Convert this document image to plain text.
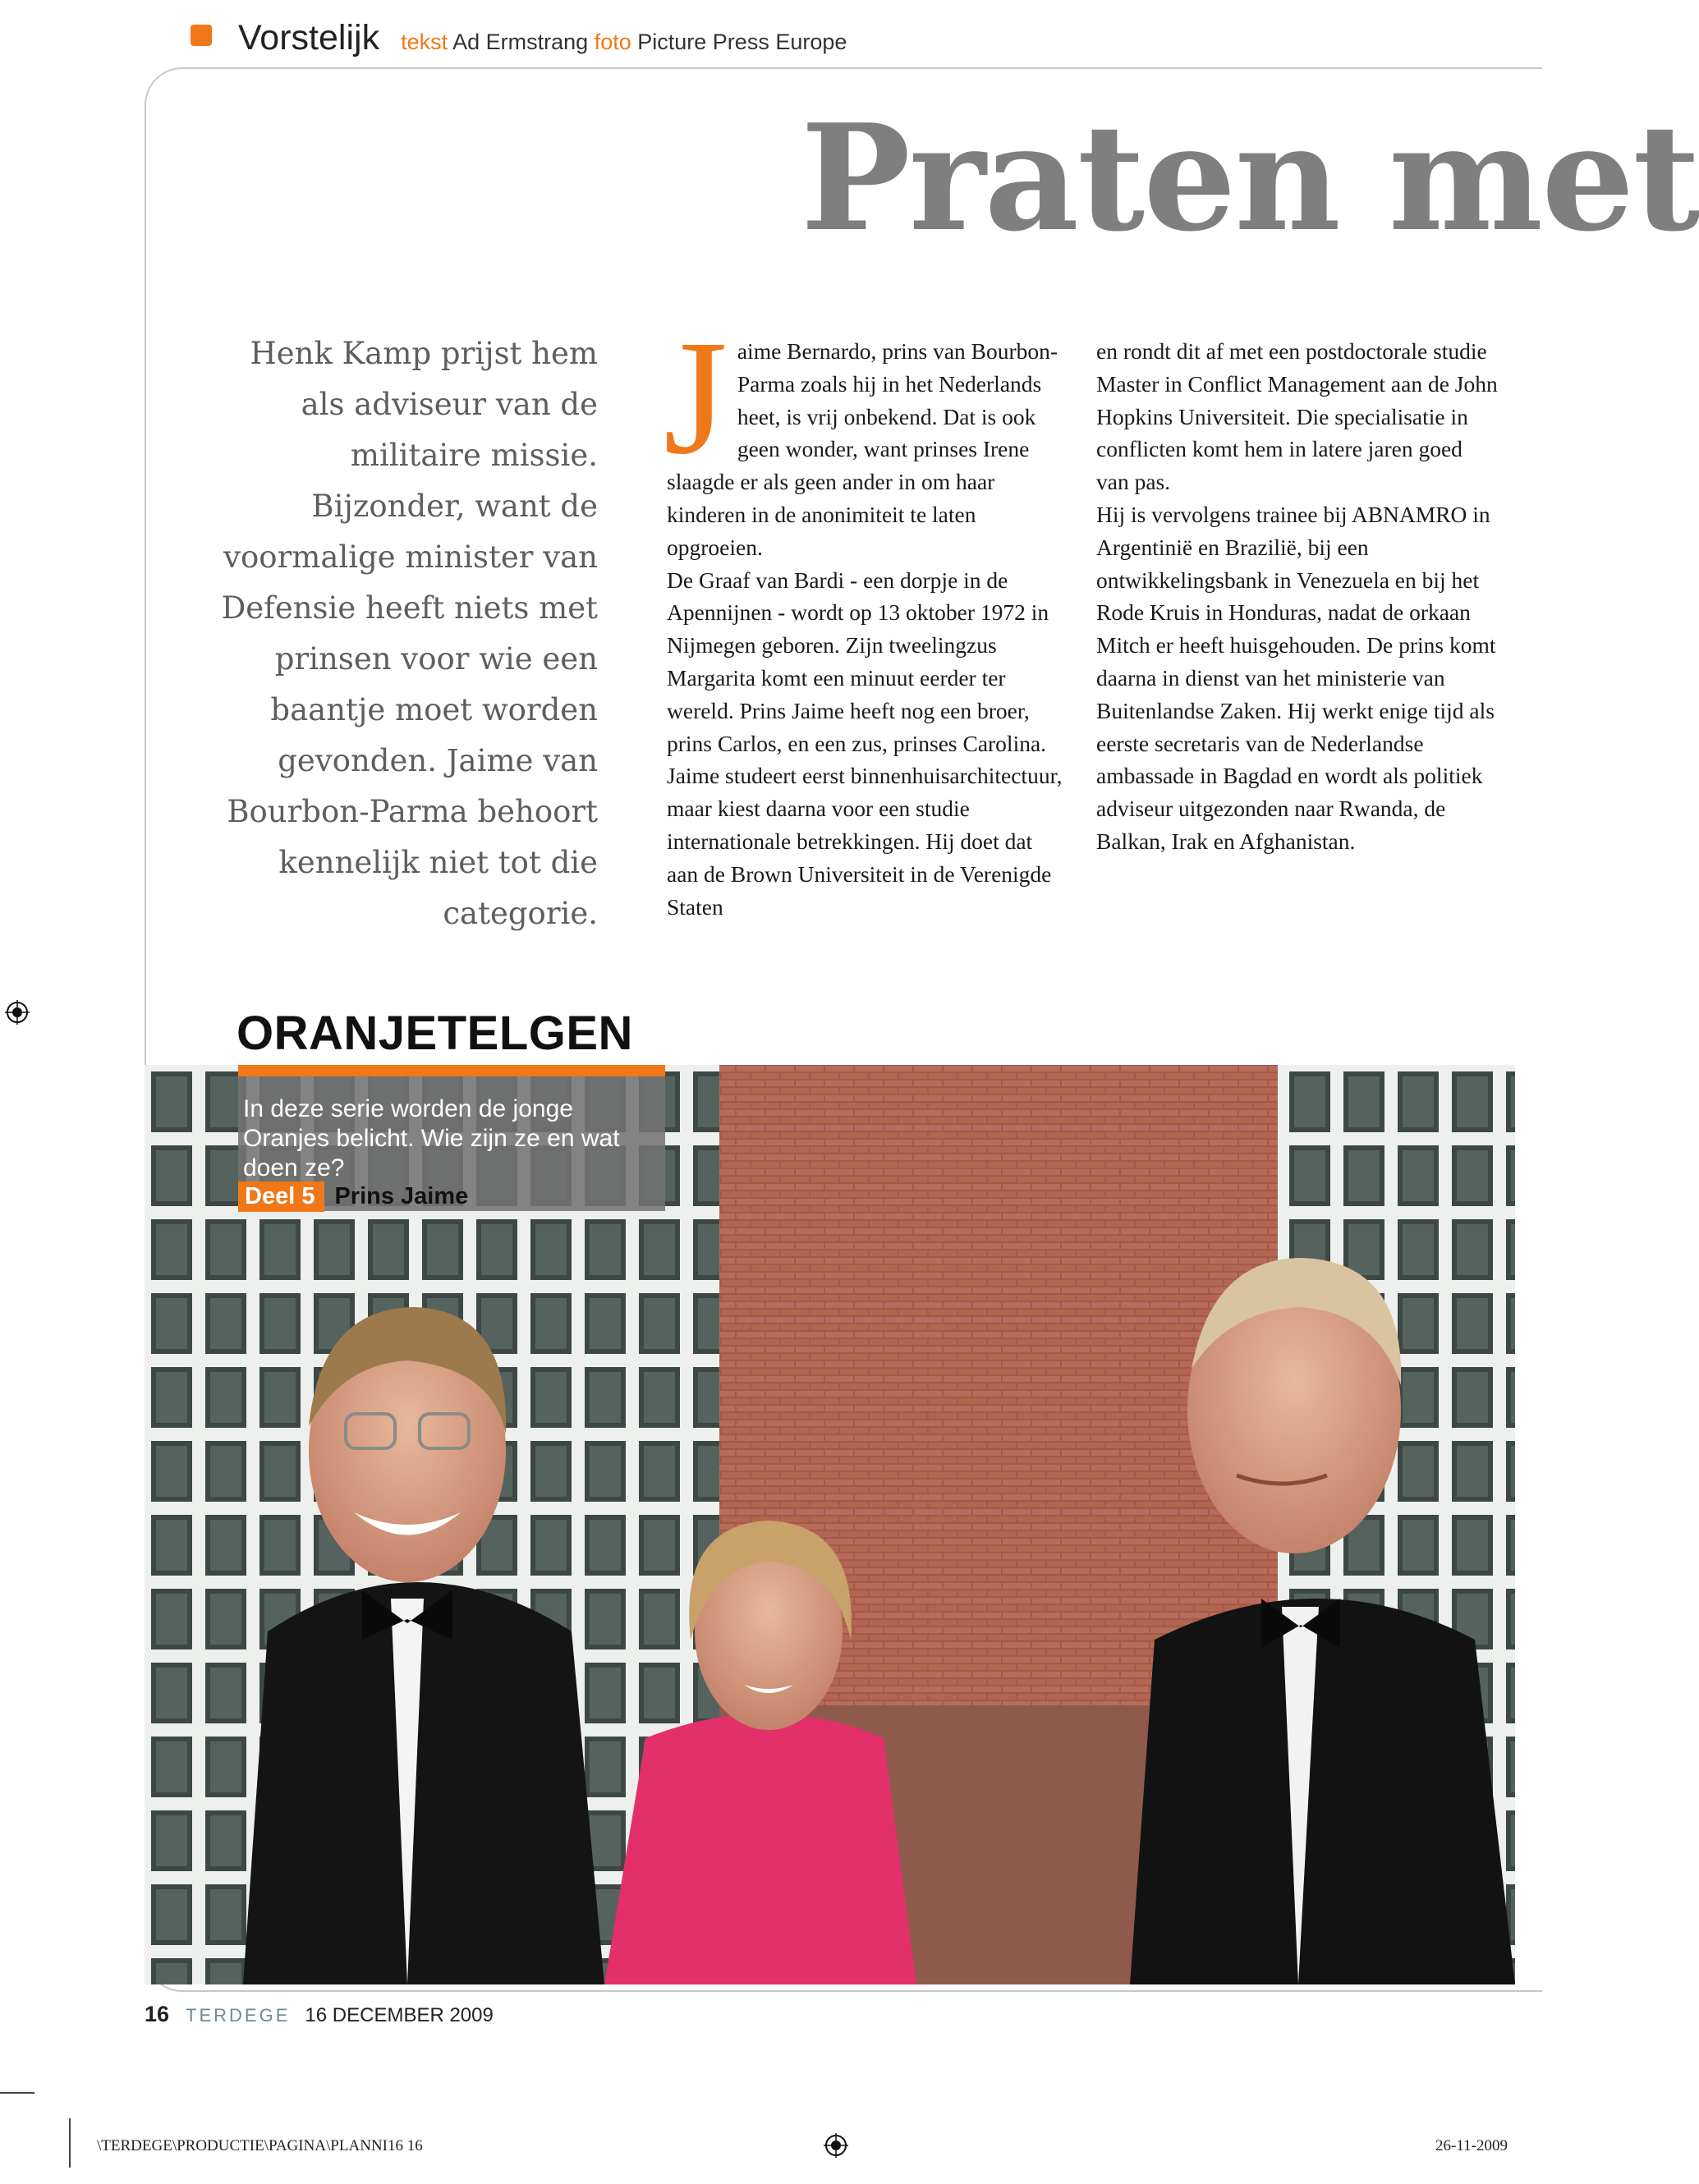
Vorstelijk tekst Ad Ermstrang foto Picture Press Europe
Praten met
Henk Kamp prijst hem als adviseur van de militaire missie. Bijzonder, want de voormalige minister van Defensie heeft niets met prinsen voor wie een baantje moet worden gevonden. Jaime van Bourbon-Parma behoort kennelijk niet tot die categorie.
J aime Bernardo, prins van Bourbon-Parma zoals hij in het Nederlands heet, is vrij onbekend. Dat is ook geen wonder, want prinses Irene slaagde er als geen ander in om haar kinderen in de anonimiteit te laten opgroeien.

De Graaf van Bardi - een dorpje in de Apennijnen - wordt op 13 oktober 1972 in Nijmegen geboren. Zijn tweelingzus Margarita komt een minuut eerder ter wereld. Prins Jaime heeft nog een broer, prins Carlos, en een zus, prinses Carolina.

Jaime studeert eerst binnenhuisarchitectuur, maar kiest daarna voor een studie internationale betrekkingen. Hij doet dat aan de Brown Universiteit in de Verenigde Staten

en rondt dit af met een postdoctorale studie Master in Conflict Management aan de John Hopkins Universiteit. Die specialisatie in conflicten komt hem in latere jaren goed van pas.

Hij is vervolgens trainee bij ABNAMRO in Argentinië en Brazilië, bij een ontwikkelingsbank in Venezuela en bij het Rode Kruis in Honduras, nadat de orkaan Mitch er heeft huisgehouden. De prins komt daarna in dienst van het ministerie van Buitenlandse Zaken. Hij werkt enige tijd als eerste secretaris van de Nederlandse ambassade in Bagdad en wordt als politiek adviseur uitgezonden naar Rwanda, de Balkan, Irak en Afghanistan.

ORANJETELGEN
In deze serie worden de jonge Oranjes belicht. Wie zijn ze en wat doen ze?
Deel 5 Prins Jaime
16 TERDEGE 16 DECEMBER 2009
\TERDEGE\PRODUCTIE\PAGINA\PLANNI16 16	26-11-2009
